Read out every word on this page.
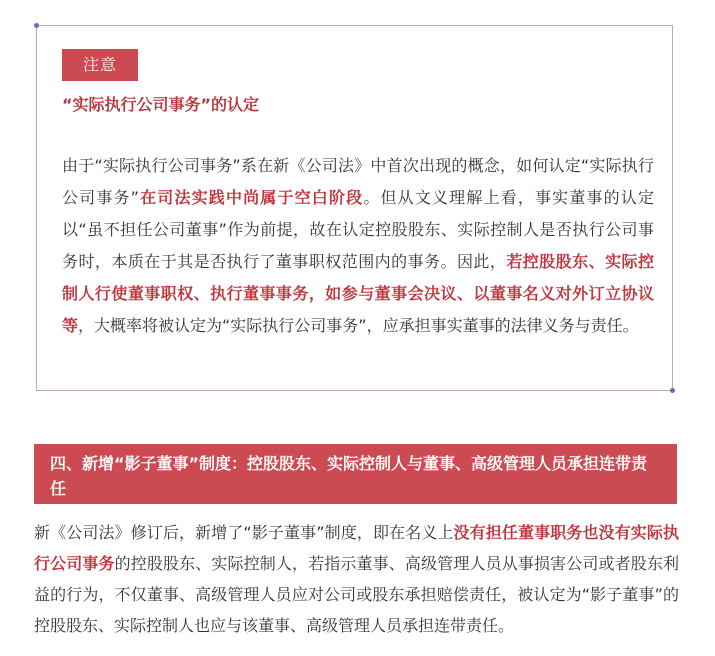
注意
“实际执行公司事务”的认定
由于“实际执行公司事务”系在新《公司法》中首次出现的概念，如何认定“实际执行公司事务”在司法实践中尚属于空白阶段。但从文义理解上看，事实董事的认定以“虽不担任公司董事”作为前提，故在认定控股股东、实际控制人是否执行公司事务时，本质在于其是否执行了董事职权范围内的事务。因此，若控股股东、实际控制人行使董事职权、执行董事事务，如参与董事会决议、以董事名义对外订立协议等，大概率将被认定为“实际执行公司事务”，应承担事实董事的法律义务与责任。
四、新增“影子董事”制度：控股股东、实际控制人与董事、高级管理人员承担连带责任
新《公司法》修订后，新增了“影子董事”制度，即在名义上没有担任董事职务也没有实际执行公司事务的控股股东、实际控制人，若指示董事、高级管理人员从事损害公司或者股东利益的行为，不仅董事、高级管理人员应对公司或股东承担赔偿责任，被认定为“影子董事”的控股股东、实际控制人也应与该董事、高级管理人员承担连带责任。
